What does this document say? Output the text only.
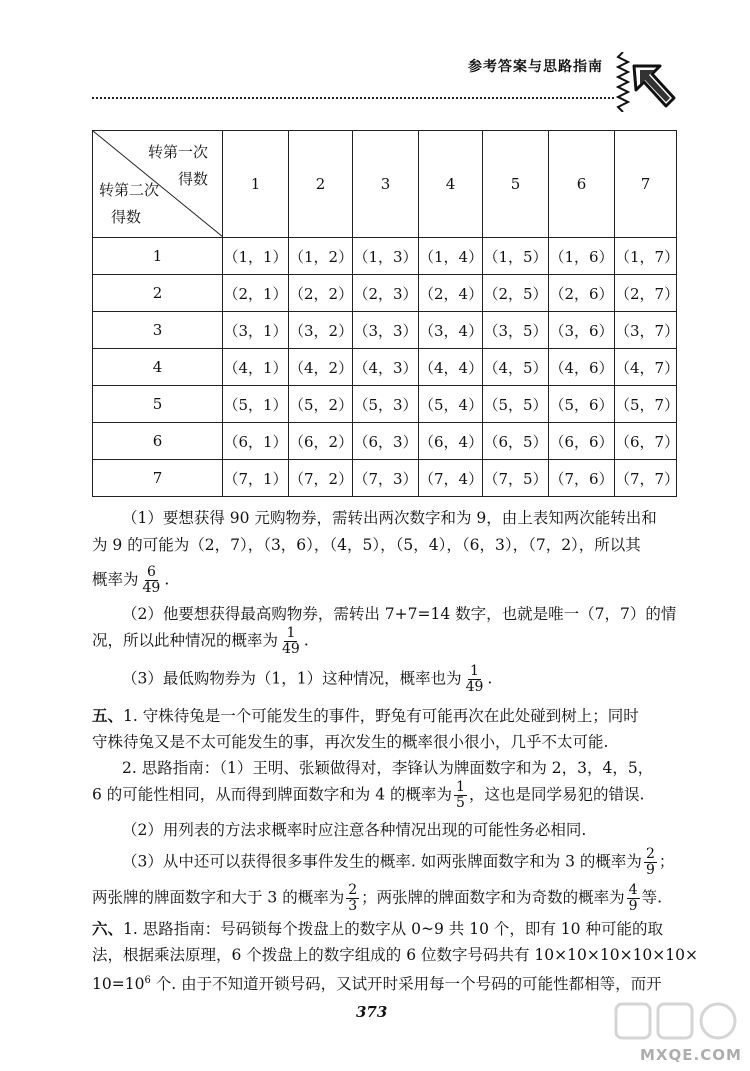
参考答案与思路指南
转第一次
得数
转第二次
得数	1	2	3	4	5	6	7
1	（1，1）	（1，2）	（1，3）	（1，4）	（1，5）	（1，6）	（1，7）
2	（2，1）	（2，2）	（2，3）	（2，4）	（2，5）	（2，6）	（2，7）
3	（3，1）	（3，2）	（3，3）	（3，4）	（3，5）	（3，6）	（3，7）
4	（4，1）	（4，2）	（4，3）	（4，4）	（4，5）	（4，6）	（4，7）
5	（5，1）	（5，2）	（5，3）	（5，4）	（5，5）	（5，6）	（5，7）
6	（6，1）	（6，2）	（6，3）	（6，4）	（6，5）	（6，6）	（6，7）
7	（7，1）	（7，2）	（7，3）	（7，4）	（7，5）	（7，6）	（7，7）
（1）要想获得 90 元购物券，需转出两次数字和为 9，由上表知两次能转出和
为 9 的可能为（2，7），（3，6），（4，5），（5，4），（6，3），（7，2），所以其
概率为 $\frac{6}{49}$ .
（2）他要想获得最高购物券，需转出 7+7=14 数字，也就是唯一（7，7）的情
况，所以此种情况的概率为 $\frac{1}{49}$ .
（3）最低购物券为（1，1）这种情况，概率也为 $\frac{1}{49}$ .
五、1. 守株待兔是一个可能发生的事件，野兔有可能再次在此处碰到树上；同时
守株待兔又是不太可能发生的事，再次发生的概率很小很小，几乎不太可能.
2. 思路指南：（1）王明、张颖做得对，李锋认为牌面数字和为 2，3，4，5，
6 的可能性相同，从而得到牌面数字和为 4 的概率为 $\frac{1}{5}$ ，这也是同学易犯的错误.
（2）用列表的方法求概率时应注意各种情况出现的可能性务必相同.
（3）从中还可以获得很多事件发生的概率. 如两张牌面数字和为 3 的概率为 $\frac{2}{9}$ ；
两张牌的牌面数字和大于 3 的概率为 $\frac{2}{3}$ ；两张牌的牌面数字和为奇数的概率为 $\frac{4}{9}$ 等.
六、1. 思路指南：号码锁每个拨盘上的数字从 0~9 共 10 个，即有 10 种可能的取
法，根据乘法原理，6 个拨盘上的数字组成的 6 位数字号码共有 10×10×10×10×10×
$10=10^6$ 个. 由于不知道开锁号码，又试开时采用每一个号码的可能性都相等，而开
373
MXQE.COM
